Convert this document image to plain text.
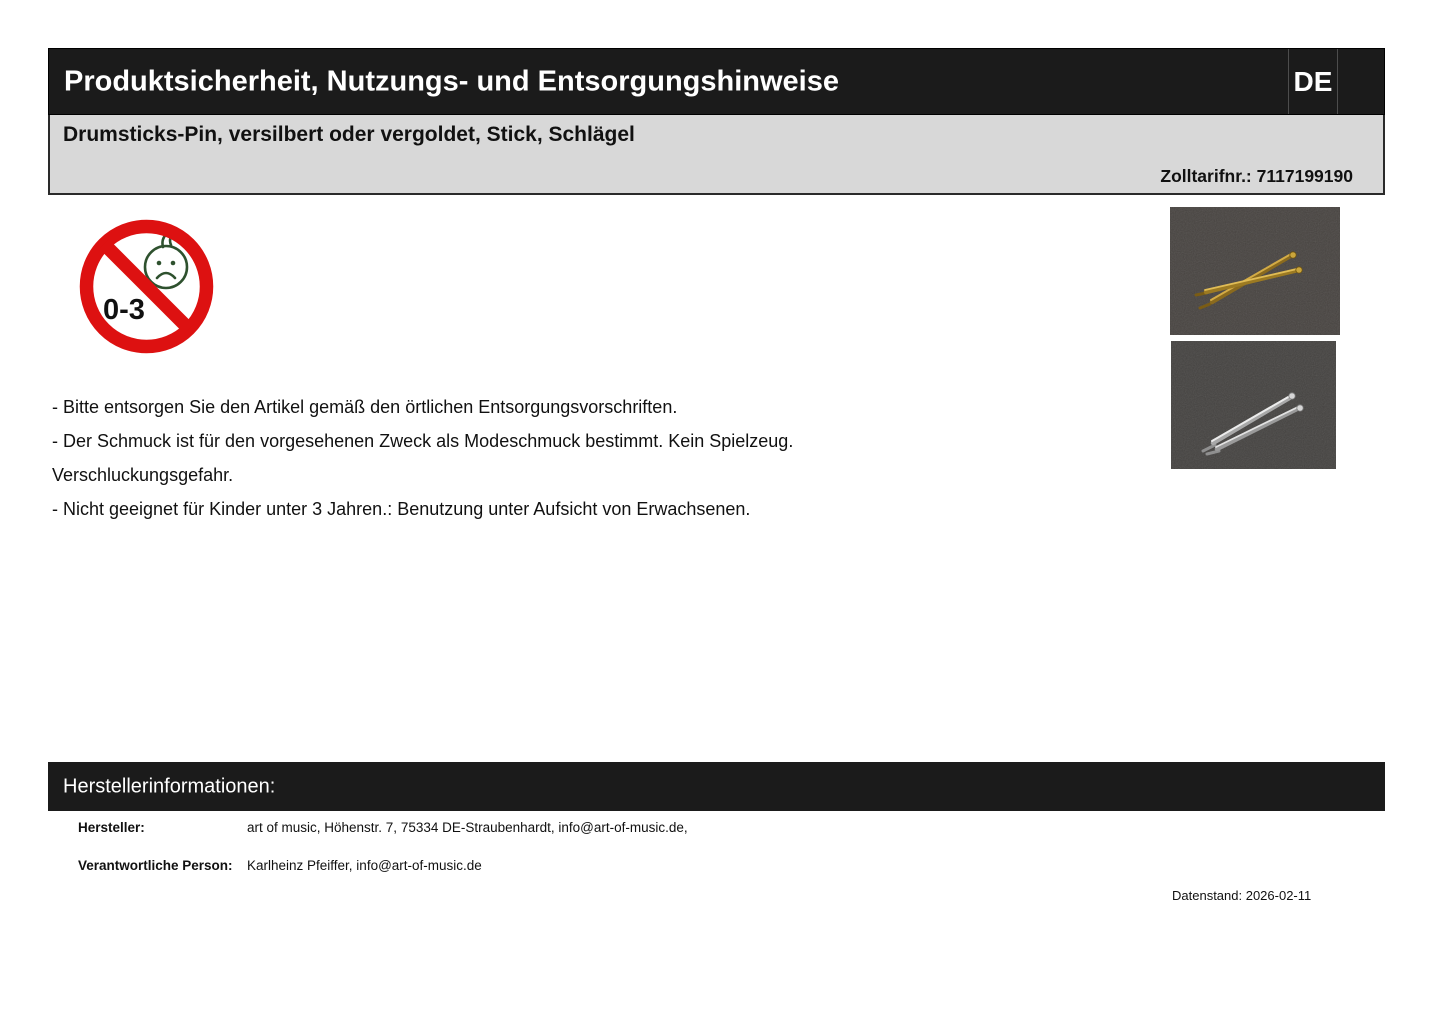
Produktsicherheit, Nutzungs- und Entsorgungshinweise	DE
Drumsticks-Pin, versilbert oder vergoldet, Stick, Schlägel
Zolltarifnr.: 7117199190
0-3
- Bitte entsorgen Sie den Artikel gemäß den örtlichen Entsorgungsvorschriften.
- Der Schmuck ist für den vorgesehenen Zweck als Modeschmuck bestimmt. Kein Spielzeug.
Verschluckungsgefahr.
- Nicht geeignet für Kinder unter 3 Jahren.: Benutzung unter Aufsicht von Erwachsenen.
Herstellerinformationen:
Hersteller:	art of music, Höhenstr. 7, 75334 DE-Straubenhardt, info@art-of-music.de,
Verantwortliche Person: Karlheinz Pfeiffer, info@art-of-music.de
Datenstand: 2026-02-11
